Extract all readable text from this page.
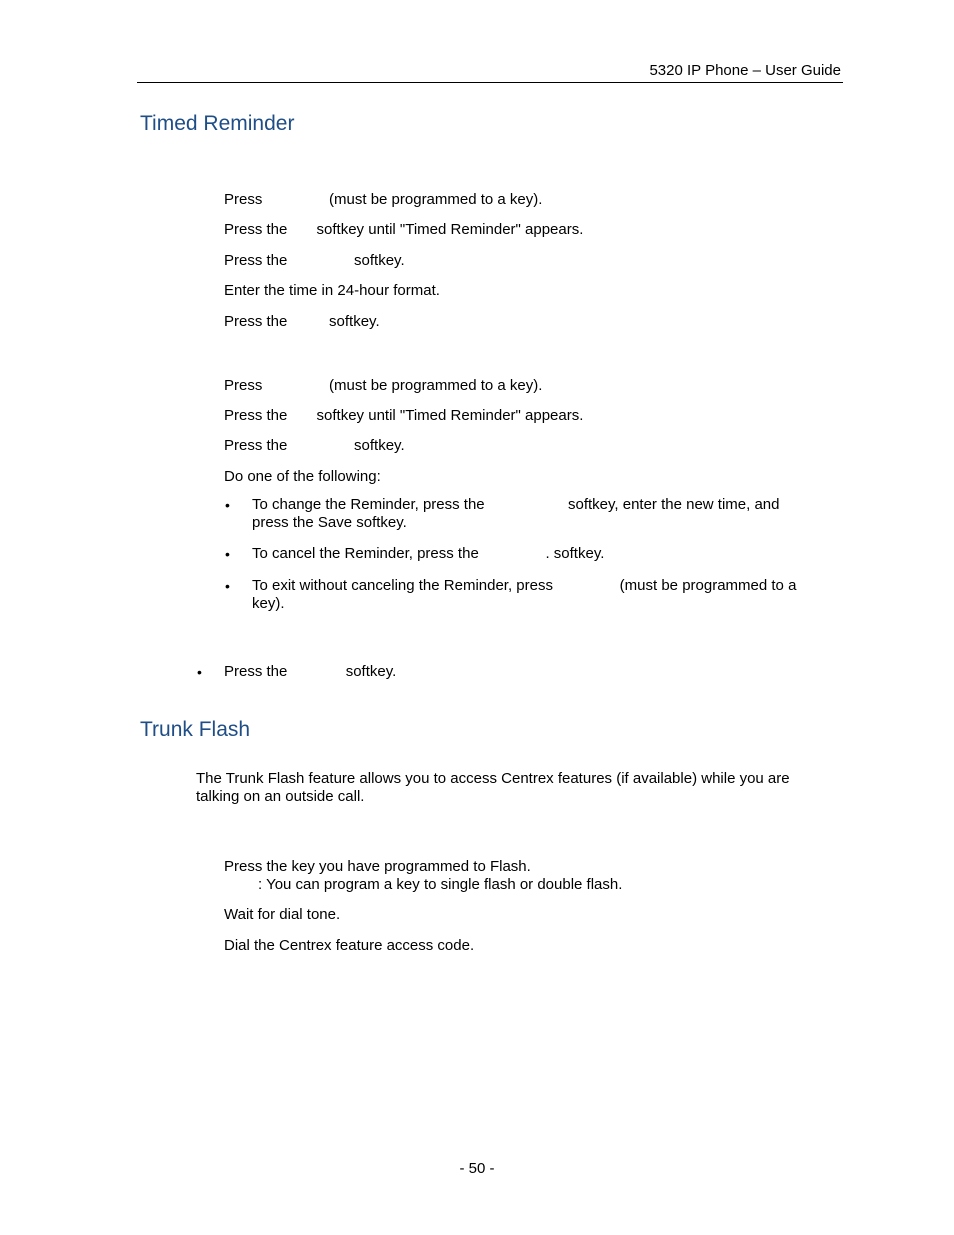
5320 IP Phone – User Guide
Timed Reminder

Press                (must be programmed to a key).

Press the       softkey until "Timed Reminder" appears.

Press the                softkey.

Enter the time in 24-hour format.

Press the          softkey.

Press                (must be programmed to a key).

Press the       softkey until "Timed Reminder" appears.

Press the                softkey.

Do one of the following:

• To change the Reminder, press the                    softkey, enter the new time, and

press the Save softkey.

• To cancel the Reminder, press the                . softkey.

• To exit without canceling the Reminder, press                (must be programmed to a

key).

• Press the              softkey.

Trunk Flash

The Trunk Flash feature allows you to access Centrex features (if available) while you are

talking on an outside call.

Press the key you have programmed to Flash.

: You can program a key to single flash or double flash.

Wait for dial tone.

Dial the Centrex feature access code.

- 50 -
